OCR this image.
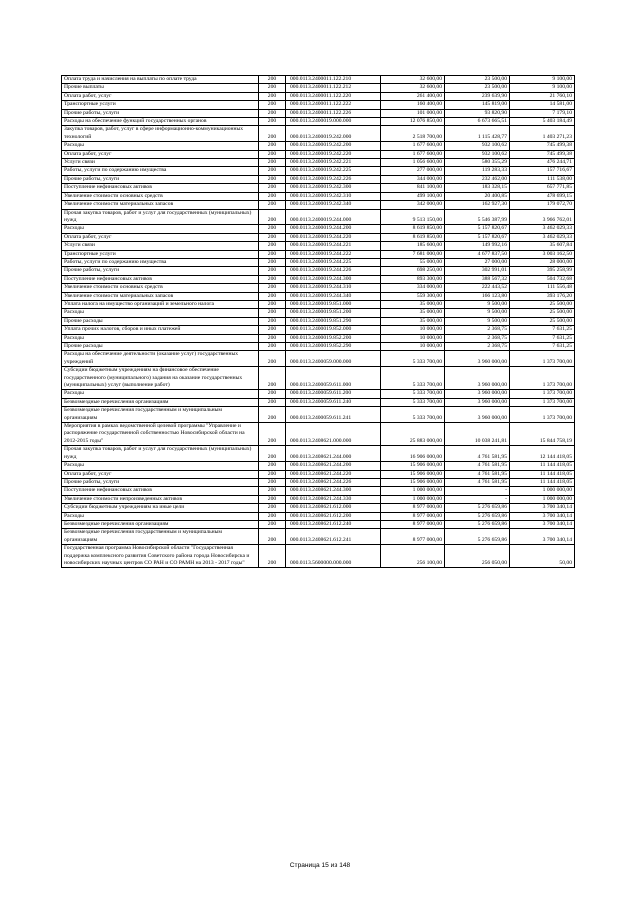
Оплата труда и начисления на выплаты по оплате труда	200	000.0113.2400011.122.210	32 600,00	23 500,00	9 100,00
Прочие выплаты	200	000.0113.2400011.122.212	32 600,00	23 500,00	9 100,00
Оплата работ, услуг	200	000.0113.2400011.122.220	261 400,00	239 639,90	21 760,10
Транспортные услуги	200	000.0113.2400011.122.222	160 400,00	145 819,00	14 581,00
Прочие работы, услуги	200	000.0113.2400011.122.226	101 000,00	93 820,90	7 179,10
Расходы на обеспечение функций государственных органов	200	000.0113.2400019.000.000	12 076 850,00	6 673 665,51	5 403 184,49
Закупка товаров, работ, услуг в сфере информационно-коммуникационных технологий	200	000.0113.2400019.242.000	2 518 700,00	1 115 428,77	1 403 271,23
Расходы	200	000.0113.2400019.242.200	1 677 600,00	932 100,62	745 499,38
Оплата работ, услуг	200	000.0113.2400019.242.220	1 677 600,00	932 100,62	745 499,38
Услуги связи	200	000.0113.2400019.242.221	1 056 600,00	580 355,29	476 244,71
Работы, услуги по содержанию имущества	200	000.0113.2400019.242.225	277 000,00	119 283,33	157 716,67
Прочие работы, услуги	200	000.0113.2400019.242.226	344 000,00	232 462,00	111 538,00
Поступление нефинансовых активов	200	000.0113.2400019.242.300	841 100,00	183 328,15	657 771,85
Увеличение стоимости основных средств	200	000.0113.2400019.242.310	499 100,00	20 400,85	478 699,15
Увеличение стоимости материальных запасов	200	000.0113.2400019.242.340	342 000,00	162 927,30	179 072,70
Прочая закупка товаров, работ и услуг для государственных (муниципальных) нужд	200	000.0113.2400019.244.000	9 513 150,00	5 546 387,99	3 966 762,01
Расходы	200	000.0113.2400019.244.200	8 619 850,00	5 157 820,67	3 462 029,33
Оплата работ, услуг	200	000.0113.2400019.244.220	8 619 850,00	5 157 820,67	3 462 029,33
Услуги связи	200	000.0113.2400019.244.221	185 600,00	149 992,16	35 607,84
Транспортные услуги	200	000.0113.2400019.244.222	7 681 000,00	4 677 837,50	3 003 162,50
Работы, услуги по содержанию имущества	200	000.0113.2400019.244.225	55 000,00	27 000,00	28 000,00
Прочие работы, услуги	200	000.0113.2400019.244.226	698 250,00	302 991,01	395 258,99
Поступление нефинансовых активов	200	000.0113.2400019.244.300	893 300,00	388 567,32	504 732,68
Увеличение стоимости основных средств	200	000.0113.2400019.244.310	334 000,00	222 443,52	111 556,48
Увеличение стоимости материальных запасов	200	000.0113.2400019.244.340	559 300,00	166 123,80	393 176,20
Уплата налога на имущество организаций и земельного налога	200	000.0113.2400019.851.000	35 000,00	9 500,00	25 500,00
Расходы	200	000.0113.2400019.851.200	35 000,00	9 500,00	25 500,00
Прочие расходы	200	000.0113.2400019.851.290	35 000,00	9 500,00	25 500,00
Уплата прочих налогов, сборов и иных платежей	200	000.0113.2400019.852.000	10 000,00	2 368,75	7 631,25
Расходы	200	000.0113.2400019.852.200	10 000,00	2 368,75	7 631,25
Прочие расходы	200	000.0113.2400019.852.290	10 000,00	2 368,75	7 631,25
Расходы на обеспечение деятельности (оказание услуг) государственных учреждений	200	000.0113.2400059.000.000	5 333 700,00	3 960 000,00	1 373 700,00
Субсидии бюджетным учреждениям на финансовое обеспечение государственного (муниципального) задания на оказание государственных (муниципальных) услуг (выполнение работ)	200	000.0113.2400059.611.000	5 333 700,00	3 960 000,00	1 373 700,00
Расходы	200	000.0113.2400059.611.200	5 333 700,00	3 960 000,00	1 373 700,00
Безвозмездные перечисления организациям	200	000.0113.2400059.611.240	5 333 700,00	3 960 000,00	1 373 700,00
Безвозмездные перечисления государственным и муниципальным организациям	200	000.0113.2400059.611.241	5 333 700,00	3 960 000,00	1 373 700,00
Мероприятия в рамках ведомственной целевой программы "Управление и распоряжение государственной собственностью Новосибирской области на 2012-2015 годы"	200	000.0113.2408621.000.000	25 883 000,00	10 038 241,81	15 844 758,19
Прочая закупка товаров, работ и услуг для государственных (муниципальных) нужд	200	000.0113.2408621.244.000	16 906 000,00	4 761 581,95	12 144 418,05
Расходы	200	000.0113.2408621.244.200	15 906 000,00	4 761 581,95	11 144 418,05
Оплата работ, услуг	200	000.0113.2408621.244.220	15 906 000,00	4 761 581,95	11 144 418,05
Прочие работы, услуги	200	000.0113.2408621.244.226	15 906 000,00	4 761 581,95	11 144 418,05
Поступление нефинансовых активов	200	000.0113.2408621.244.300	1 000 000,00	-	1 000 000,00
Увеличение стоимости непроизведенных активов	200	000.0113.2408621.244.330	1 000 000,00	-	1 000 000,00
Субсидии бюджетным учреждениям на иные цели	200	000.0113.2408621.612.000	8 977 000,00	5 276 659,86	3 700 340,14
Расходы	200	000.0113.2408621.612.200	8 977 000,00	5 276 659,86	3 700 340,14
Безвозмездные перечисления организациям	200	000.0113.2408621.612.240	8 977 000,00	5 276 659,86	3 700 340,14
Безвозмездные перечисления государственным и муниципальным организациям	200	000.0113.2408621.612.241	8 977 000,00	5 276 659,86	3 700 340,14
Государственная программа Новосибирской области "Государственная поддержка комплексного развития Советского района города Новосибирска и новосибирских научных центров СО РАН и СО РАМН на 2013 - 2017 годы"	200	000.0113.5600000.000.000	256 100,00	256 050,00	50,00
Страница 15 из 148
